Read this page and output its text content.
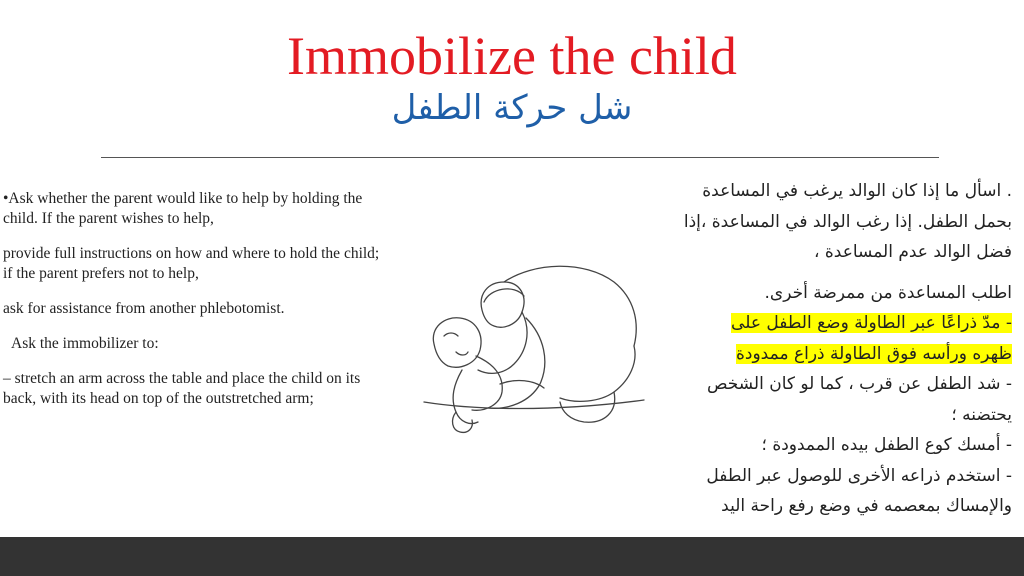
Immobilize the child
شل حركة الطفل

•Ask whether the parent would like to help by holding the child. If the parent wishes to help,

provide full instructions on how and where to hold the child; if the parent prefers not to help,

ask for assistance from another phlebotomist.

Ask the immobilizer to:

– stretch an arm across the table and place the child on its back, with its head on top of the outstretched arm;

. اسأل ما إذا كان الوالد يرغب في المساعدة
بحمل الطفل. إذا رغب الوالد في المساعدة ،إذا
فضل الوالد عدم المساعدة ،
اطلب المساعدة من ممرضة أخرى.
- مدّ ذراعًا عبر الطاولة وضع الطفل على
ظهره ورأسه فوق الطاولة ذراع ممدودة
- شد الطفل عن قرب ، كما لو كان الشخص
يحتضنه ؛
- أمسك كوع الطفل بيده الممدودة ؛
- استخدم ذراعه الأخرى للوصول عبر الطفل
والإمساك بمعصمه في وضع رفع راحة اليد
